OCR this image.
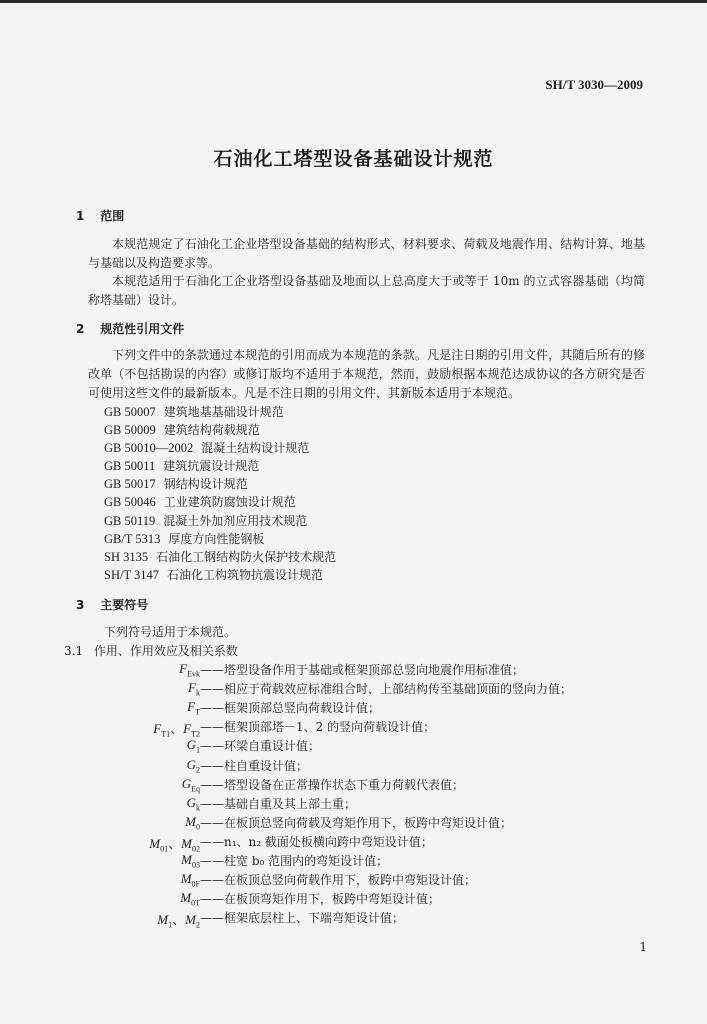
SH/T 3030—2009
石油化工塔型设备基础设计规范
1 范围

本规范规定了石油化工企业塔型设备基础的结构形式、材料要求、荷载及地震作用、结构计算、地基与基础以及构造要求等。

本规范适用于石油化工企业塔型设备基础及地面以上总高度大于或等于 10m 的立式容器基础（均简称塔基础）设计。

2 规范性引用文件

下列文件中的条款通过本规范的引用而成为本规范的条款。凡是注日期的引用文件，其随后所有的修改单（不包括勘误的内容）或修订版均不适用于本规范，然而，鼓励根据本规范达成协议的各方研究是否可使用这些文件的最新版本。凡是不注日期的引用文件，其新版本适用于本规范。

GB 50007 建筑地基基础设计规范
GB 50009 建筑结构荷载规范
GB 50010—2002 混凝土结构设计规范
GB 50011 建筑抗震设计规范
GB 50017 钢结构设计规范
GB 50046 工业建筑防腐蚀设计规范
GB 50119 混凝土外加剂应用技术规范
GB/T 5313 厚度方向性能钢板
SH 3135 石油化工钢结构防火保护技术规范
SH/T 3147 石油化工构筑物抗震设计规范
3 主要符号
下列符号适用于本规范。
3.1 作用、作用效应及相关系数
$F_{Evk}$ ——塔型设备作用于基础或框架顶部总竖向地震作用标准值；
$F_k$ ——相应于荷载效应标准组合时，上部结构传至基础顶面的竖向力值；
$F_T$ ——框架顶部总竖向荷载设计值；
$F_{T1}$、$F_{T2}$
——框架顶部塔－1、2 的竖向荷载设计值；
$G_1$ ——环梁自重设计值；
$G_2$ ——柱自重设计值；
$G_{Eq}$ ——塔型设备在正常操作状态下重力荷载代表值；
$G_k$ ——基础自重及其上部土重；
$M_0$ ——在板顶总竖向荷载及弯矩作用下，板跨中弯矩设计值；
$M_{01}$、$M_{02}$
——n₁、n₂ 截面处板横向跨中弯矩设计值；
$M_{03}$ ——柱宽 b₀ 范围内的弯矩设计值；
$M_{0F}$ ——在板顶总竖向荷载作用下，板跨中弯矩设计值；
$M_{0T}$ ——在板顶弯矩作用下，板跨中弯矩设计值；
$M_1$、$M_2$
——框架底层柱上、下端弯矩设计值；
1
